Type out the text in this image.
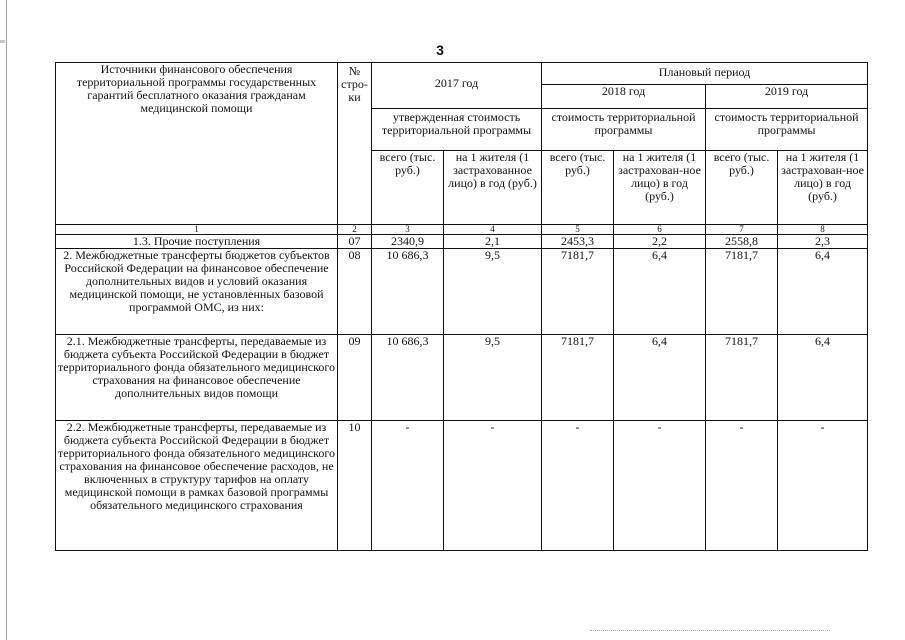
3
Источники финансового обеспечения территориальной программы государственных гарантий бесплатного оказания гражданам медицинской помощи	№ стро-ки	2017 год		Плановый период			
				2018 год		2019 год	
		утвержденная стоимость территориальной программы		стоимость территориальной программы		стоимость территориальной программы	
		всего (тыс. руб.)	на 1 жителя (1 застрахованное лицо) в год (руб.)	всего (тыс. руб.)	на 1 жителя (1 застрахован-ное лицо) в год (руб.)	всего (тыс. руб.)	на 1 жителя (1 застрахован-ное лицо) в год (руб.)
1	2	3	4	5	6	7	8
1.3. Прочие поступления	07	2340,9	2,1	2453,3	2,2	2558,8	2,3
2. Межбюджетные трансферты бюджетов субъектов Российской Федерации на финансовое обеспечение дополнительных видов и условий оказания медицинской помощи, не установленных базовой программой ОМС, из них:	08	10 686,3	9,5	7181,7	6,4	7181,7	6,4
2.1. Межбюджетные трансферты, передаваемые из бюджета субъекта Российской Федерации в бюджет территориального фонда обязательного медицинского страхования на финансовое обеспечение дополнительных видов помощи	09	10 686,3	9,5	7181,7	6,4	7181,7	6,4
2.2. Межбюджетные трансферты, передаваемые из бюджета субъекта Российской Федерации в бюджет территориального фонда обязательного медицинского страхования на финансовое обеспечение расходов, не включенных в структуру тарифов на оплату медицинской помощи в рамках базовой программы обязательного медицинского страхования	10	-	-	-	-	-	-
